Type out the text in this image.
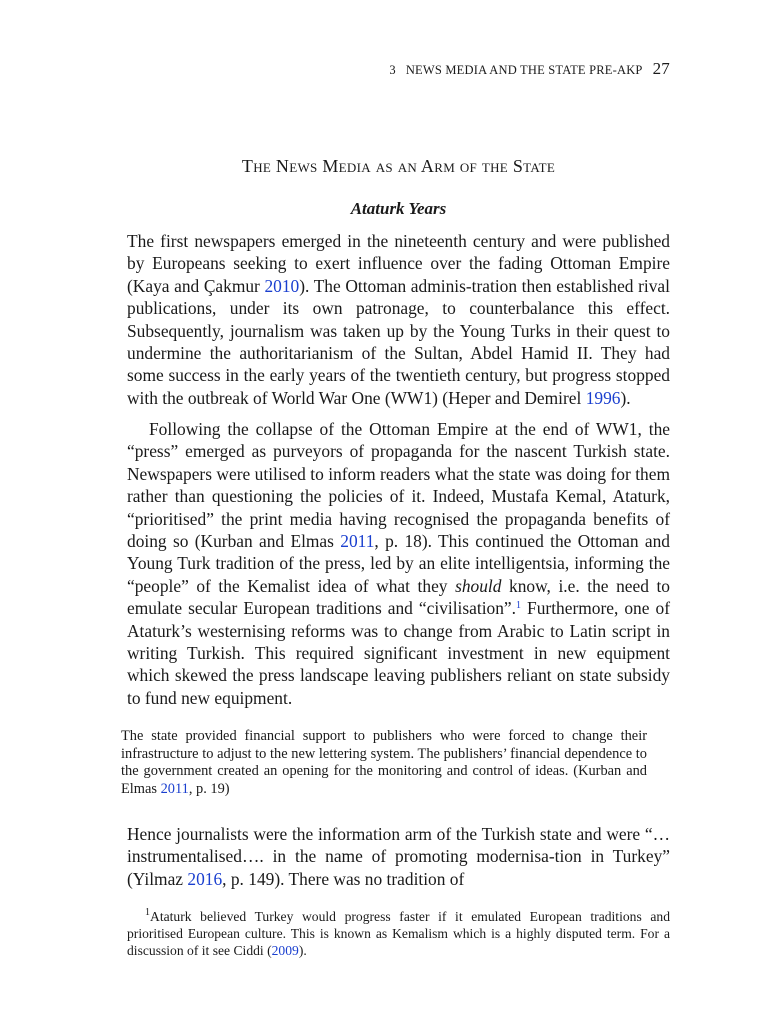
3   NEWS MEDIA AND THE STATE PRE-AKP 27
The News Media as an Arm of the State
Ataturk Years

The first newspapers emerged in the nineteenth century and were published by Europeans seeking to exert influence over the fading Ottoman Empire (Kaya and Çakmur 2010). The Ottoman adminis-tration then established rival publications, under its own patronage, to counterbalance this effect. Subsequently, journalism was taken up by the Young Turks in their quest to undermine the authoritarianism of the Sultan, Abdel Hamid II. They had some success in the early years of the twentieth century, but progress stopped with the outbreak of World War One (WW1) (Heper and Demirel 1996).

Following the collapse of the Ottoman Empire at the end of WW1, the “press” emerged as purveyors of propaganda for the nascent Turkish state. Newspapers were utilised to inform readers what the state was doing for them rather than questioning the policies of it. Indeed, Mustafa Kemal, Ataturk, “prioritised” the print media having recognised the propaganda benefits of doing so (Kurban and Elmas 2011, p. 18). This continued the Ottoman and Young Turk tradition of the press, led by an elite intelligentsia, informing the “people” of the Kemalist idea of what they should know, i.e. the need to emulate secular European traditions and “civilisation”.$^1$ Furthermore, one of Ataturk’s westernising reforms was to change from Arabic to Latin script in writing Turkish. This required significant investment in new equipment which skewed the press landscape leaving publishers reliant on state subsidy to fund new equipment.

The state provided financial support to publishers who were forced to change their infrastructure to adjust to the new lettering system. The publishers’ financial dependence to the government created an opening for the monitoring and control of ideas. (Kurban and Elmas 2011, p. 19)

Hence journalists were the information arm of the Turkish state and were “…instrumentalised…. in the name of promoting modernisa-tion in Turkey” (Yilmaz 2016, p. 149). There was no tradition of

$^1$Ataturk believed Turkey would progress faster if it emulated European traditions and prioritised European culture. This is known as Kemalism which is a highly disputed term. For a discussion of it see Ciddi (2009).
